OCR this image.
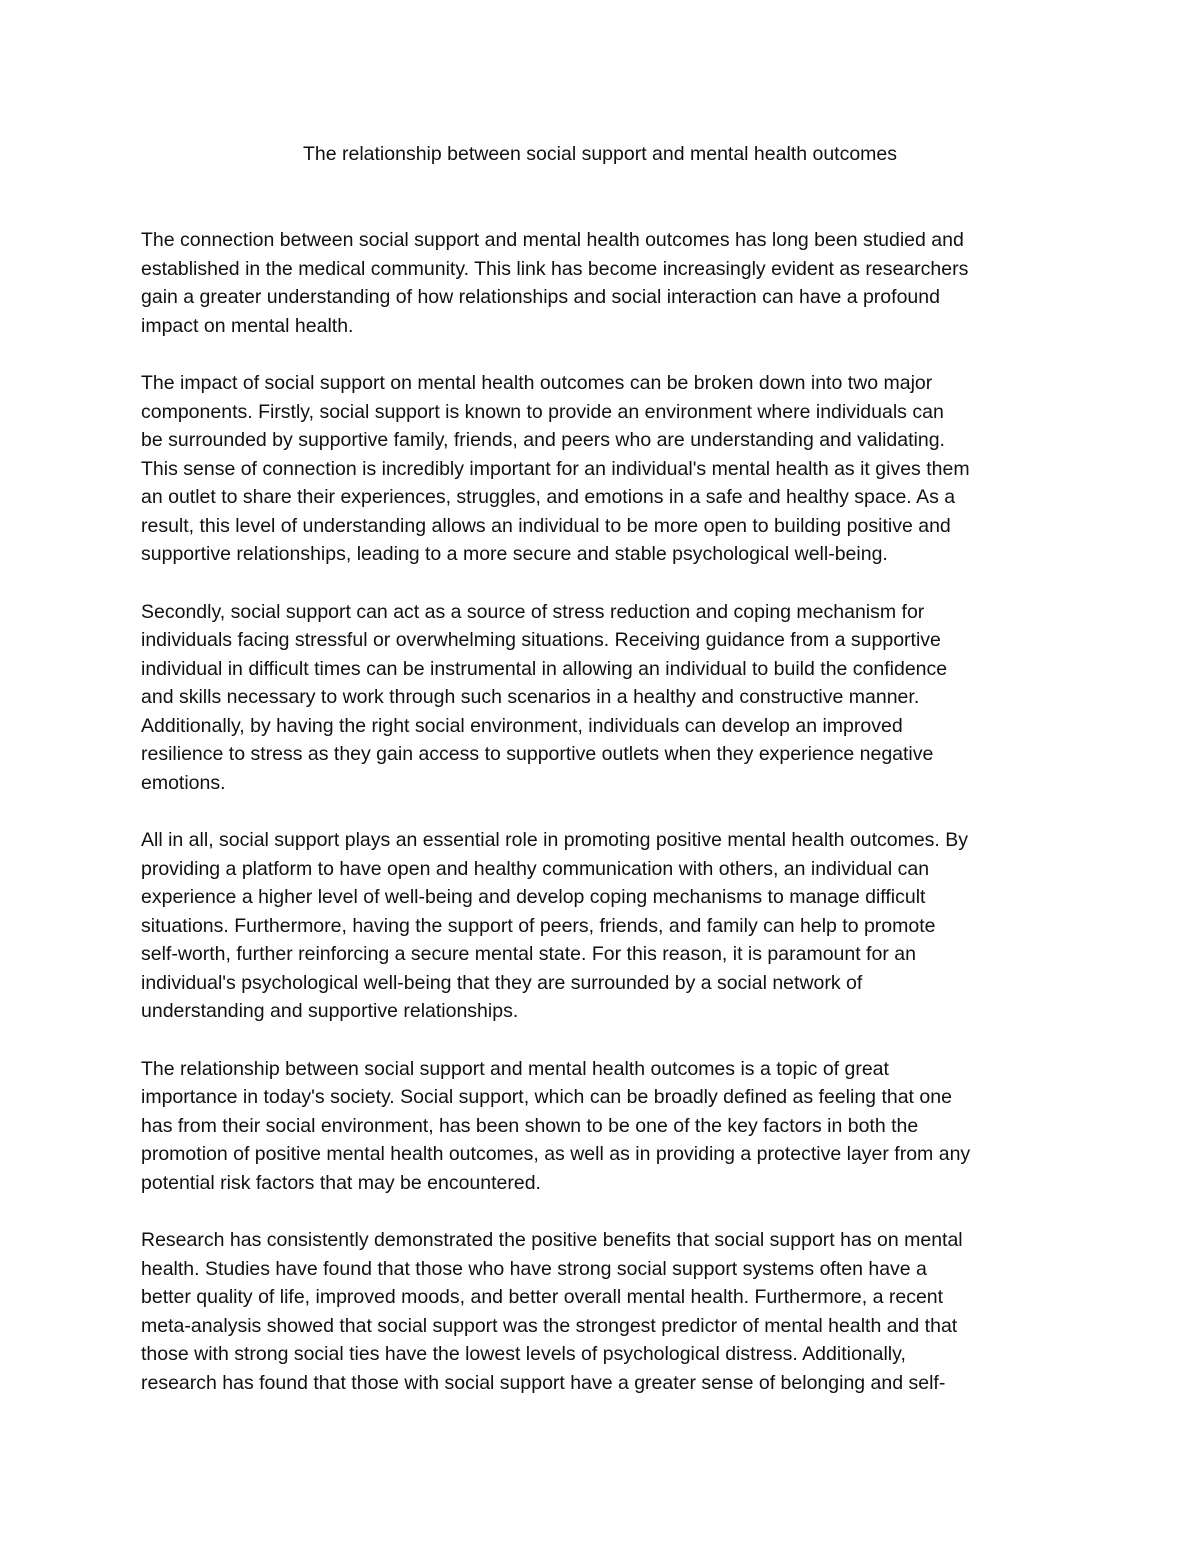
The relationship between social support and mental health outcomes

The connection between social support and mental health outcomes has long been studied and
established in the medical community. This link has become increasingly evident as researchers
gain a greater understanding of how relationships and social interaction can have a profound
impact on mental health.

The impact of social support on mental health outcomes can be broken down into two major
components. Firstly, social support is known to provide an environment where individuals can
be surrounded by supportive family, friends, and peers who are understanding and validating.
This sense of connection is incredibly important for an individual's mental health as it gives them
an outlet to share their experiences, struggles, and emotions in a safe and healthy space. As a
result, this level of understanding allows an individual to be more open to building positive and
supportive relationships, leading to a more secure and stable psychological well-being.

Secondly, social support can act as a source of stress reduction and coping mechanism for
individuals facing stressful or overwhelming situations. Receiving guidance from a supportive
individual in difficult times can be instrumental in allowing an individual to build the confidence
and skills necessary to work through such scenarios in a healthy and constructive manner.
Additionally, by having the right social environment, individuals can develop an improved
resilience to stress as they gain access to supportive outlets when they experience negative
emotions.

All in all, social support plays an essential role in promoting positive mental health outcomes. By
providing a platform to have open and healthy communication with others, an individual can
experience a higher level of well-being and develop coping mechanisms to manage difficult
situations. Furthermore, having the support of peers, friends, and family can help to promote
self-worth, further reinforcing a secure mental state. For this reason, it is paramount for an
individual's psychological well-being that they are surrounded by a social network of
understanding and supportive relationships.

The relationship between social support and mental health outcomes is a topic of great
importance in today's society. Social support, which can be broadly defined as feeling that one
has from their social environment, has been shown to be one of the key factors in both the
promotion of positive mental health outcomes, as well as in providing a protective layer from any
potential risk factors that may be encountered.

Research has consistently demonstrated the positive benefits that social support has on mental
health. Studies have found that those who have strong social support systems often have a
better quality of life, improved moods, and better overall mental health. Furthermore, a recent
meta-analysis showed that social support was the strongest predictor of mental health and that
those with strong social ties have the lowest levels of psychological distress. Additionally,
research has found that those with social support have a greater sense of belonging and self-
